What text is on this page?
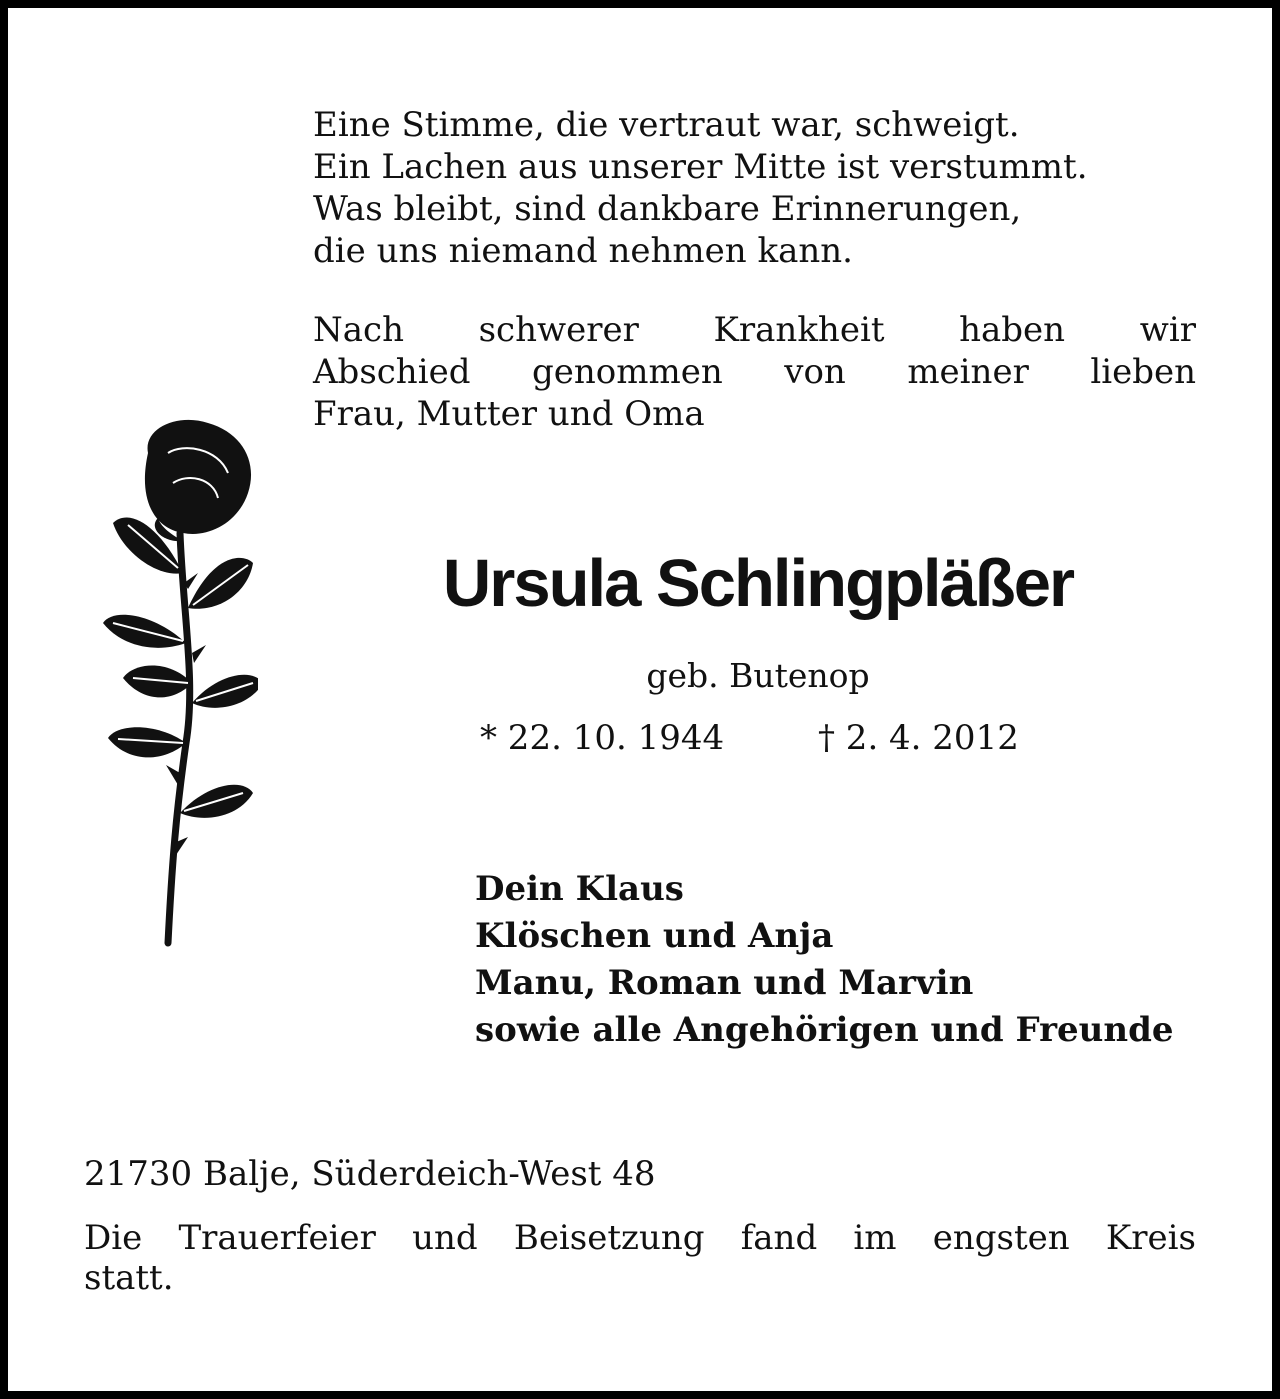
Eine Stimme, die vertraut war, schweigt.
Ein Lachen aus unserer Mitte ist verstummt.
Was bleibt, sind dankbare Erinnerungen,
die uns niemand nehmen kann.
Nach schwerer Krankheit haben wir
Abschied genommen von meiner lieben
Frau, Mutter und Oma
Ursula Schlingpläßer
geb. Butenop
* 22. 10. 1944	† 2. 4. 2012
Dein Klaus
Klöschen und Anja
Manu, Roman und Marvin
sowie alle Angehörigen und Freunde
21730 Balje, Süderdeich-West 48
Die Trauerfeier und Beisetzung fand im engsten Kreis
statt.
